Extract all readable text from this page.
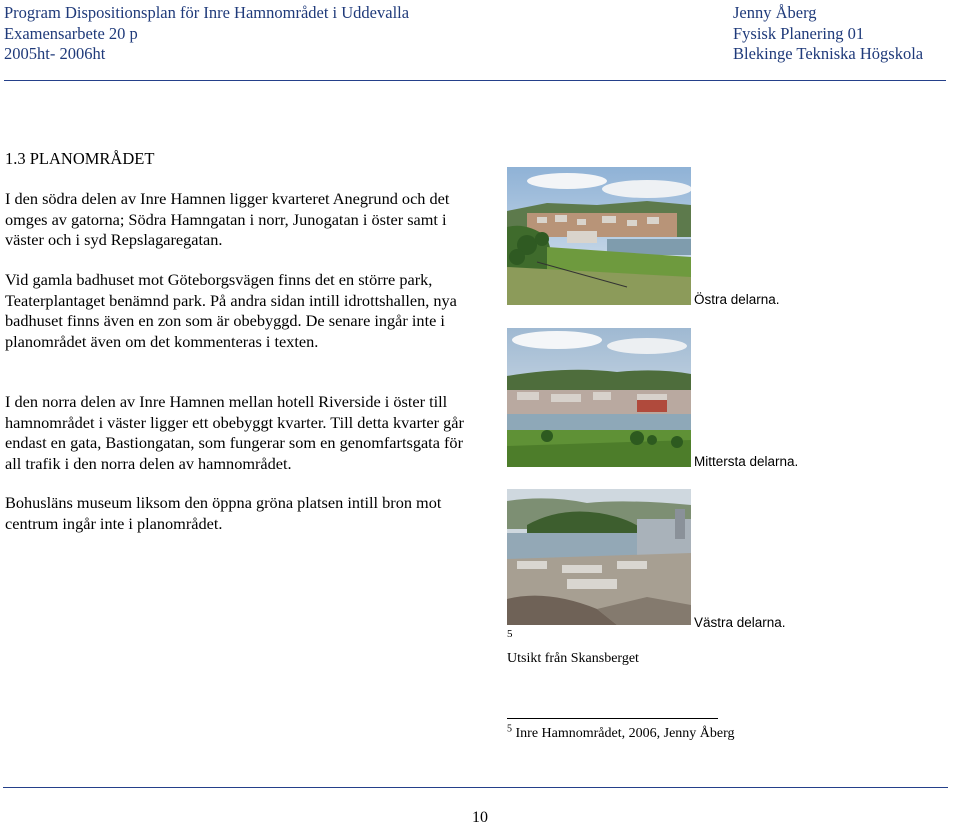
Program Dispositionsplan för Inre Hamnområdet i Uddevalla
Examensarbete 20 p
2005ht- 2006ht
Jenny Åberg
Fysisk Planering 01
Blekinge Tekniska Högskola
1.3 PLANOMRÅDET

I den södra delen av Inre Hamnen ligger kvarteret Anegrund och det omges av gatorna; Södra Hamngatan i norr, Junogatan i öster samt i väster och i syd Repslagaregatan.

Vid gamla badhuset mot Göteborgsvägen finns det en större park, Teaterplantaget benämnd park. På andra sidan intill idrottshallen, nya badhuset finns även en zon som är obebyggd. De senare ingår inte i planområdet även om det kommenteras i texten.

I den norra delen av Inre Hamnen mellan hotell Riverside i öster till hamnområdet i väster ligger ett obebyggt kvarter. Till detta kvarter går endast en gata, Bastiongatan, som fungerar som en genomfartsgata för all trafik i den norra delen av hamnområdet.

Bohusläns museum liksom den öppna gröna platsen intill bron mot centrum ingår inte i planområdet.

Östra delarna.
Mittersta delarna.
Västra delarna.
5
Utsikt från Skansberget
$^5$ Inre Hamnområdet, 2006, Jenny Åberg
10
